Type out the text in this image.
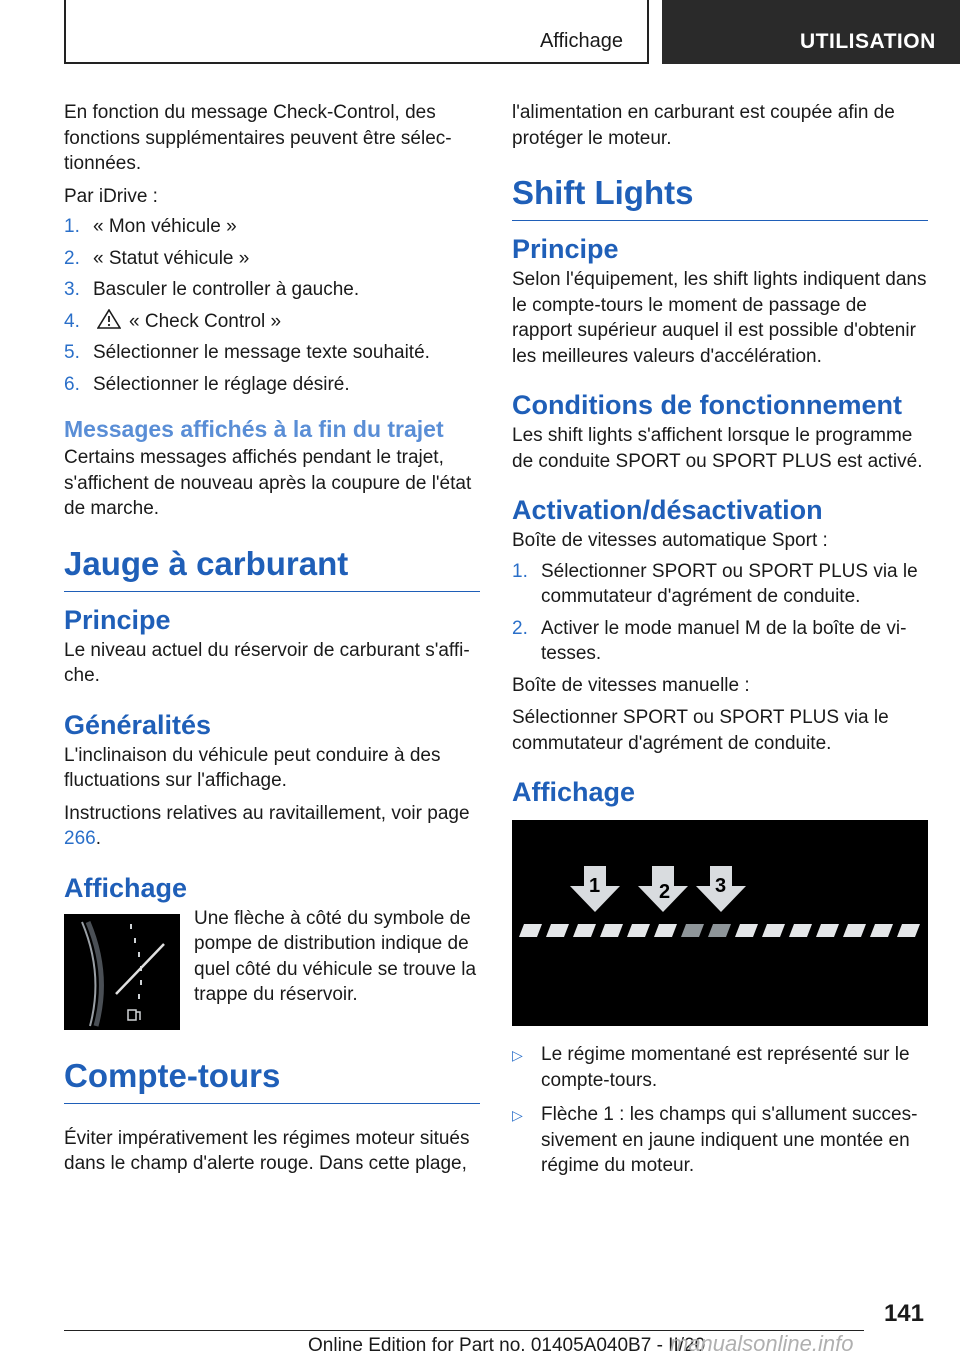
Affichage	UTILISATION

En fonction du message Check-Control, des fonctions supplémentaires peuvent être sélec-tionnées.

Par iDrive :

1. « Mon véhicule »
2. « Statut véhicule »
3. Basculer le controller à gauche.
4.	« Check Control »
5. Sélectionner le message texte souhaité.
6. Sélectionner le réglage désiré.
Messages affichés à la fin du trajet

Certains messages affichés pendant le trajet, s'affichent de nouveau après la coupure de l'état de marche.

Jauge à carburant
Principe

Le niveau actuel du réservoir de carburant s'affi-che.

Généralités

L'inclinaison du véhicule peut conduire à des fluctuations sur l'affichage.

Instructions relatives au ravitaillement, voir page 266.

Affichage

Une flèche à côté du symbole de pompe de distribution indique de quel côté du véhicule se trouve la trappe du réservoir.

Compte-tours

Éviter impérativement les régimes moteur situés dans le champ d'alerte rouge. Dans cette plage,

l'alimentation en carburant est coupée afin de protéger le moteur.

Shift Lights
Principe

Selon l'équipement, les shift lights indiquent dans le compte-tours le moment de passage de rapport supérieur auquel il est possible d'obtenir les meilleures valeurs d'accélération.

Conditions de fonctionnement

Les shift lights s'affichent lorsque le programme de conduite SPORT ou SPORT PLUS est activé.

Activation/désactivation

Boîte de vitesses automatique Sport :

1. Sélectionner SPORT ou SPORT PLUS via le commutateur d'agrément de conduite.
2. Activer le mode manuel M de la boîte de vi-tesses.

Boîte de vitesses manuelle :

Sélectionner SPORT ou SPORT PLUS via le commutateur d'agrément de conduite.

Affichage
1	2 3
▷ Le régime momentané est représenté sur le compte-tours.
▷ Flèche 1 : les champs qui s'allument succes-sivement en jaune indiquent une montée en régime du moteur.
141
Online Edition for Part no. 01405A040B7 - II/20
manualsonline.info
